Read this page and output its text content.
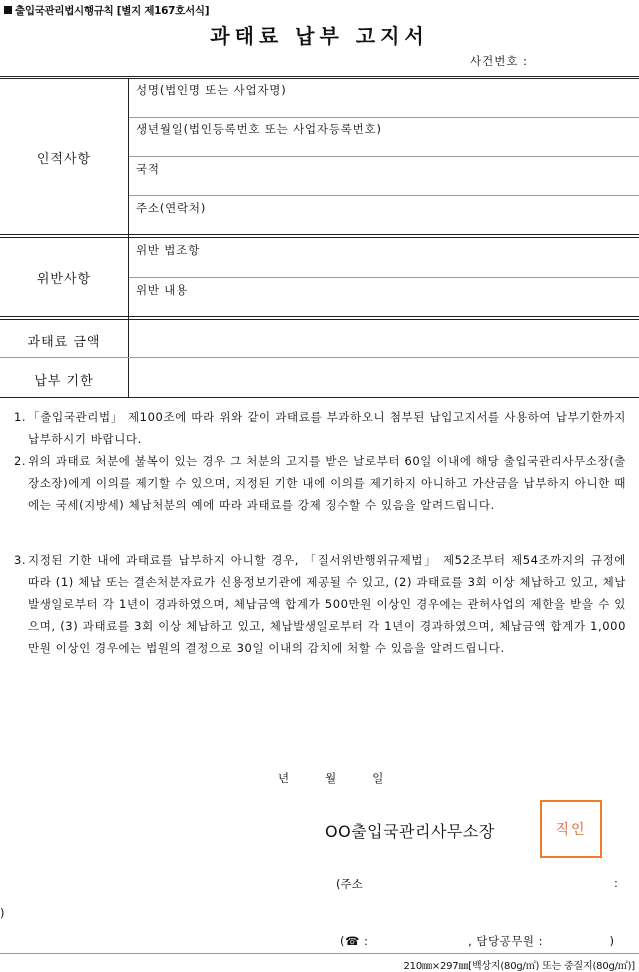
출입국관리법시행규칙 [별지 제167호서식]
과태료 납부 고지서
사건번호 :
인적사항
성명(법인명 또는 사업자명)
생년월일(법인등록번호 또는 사업자등록번호)
국적
주소(연락처)
위반사항
위반 법조항
위반 내용
과태료 금액
납부 기한
1. 「출입국관리법」 제100조에 따라 위와 같이 과태료를 부과하오니 첨부된 납입고지서를 사용하여 납부기한까지 납부하시기 바랍니다.
2. 위의 과태료 처분에 불복이 있는 경우 그 처분의 고지를 받은 날로부터 60일 이내에 해당 출입국관리사무소장(출장소장)에게 이의를 제기할 수 있으며, 지정된 기한 내에 이의를 제기하지 아니하고 가산금을 납부하지 아니한 때에는 국세(지방세) 체납처분의 예에 따라 과태료를 강제 징수할 수 있음을 알려드립니다.
3. 지정된 기한 내에 과태료를 납부하지 아니할 경우, 「질서위반행위규제법」 제52조부터 제54조까지의 규정에 따라 (1) 체납 또는 결손처분자료가 신용정보기관에 제공될 수 있고, (2) 과태료를 3회 이상 체납하고 있고, 체납발생일로부터 각 1년이 경과하였으며, 체납금액 합계가 500만원 이상인 경우에는 관허사업의 제한을 받을 수 있으며, (3) 과태료를 3회 이상 체납하고 있고, 체납발생일로부터 각 1년이 경과하였으며, 체납금액 합계가 1,000만원 이상인 경우에는 법원의 결정으로 30일 이내의 감치에 처할 수 있음을 알려드립니다.
년	월	일
OO출입국관리사무소장	직인
(주소	:
)
(☎ :	, 담당공무원 :	)
210㎜×297㎜[백상지(80g/㎡) 또는 중질지(80g/㎡)]
